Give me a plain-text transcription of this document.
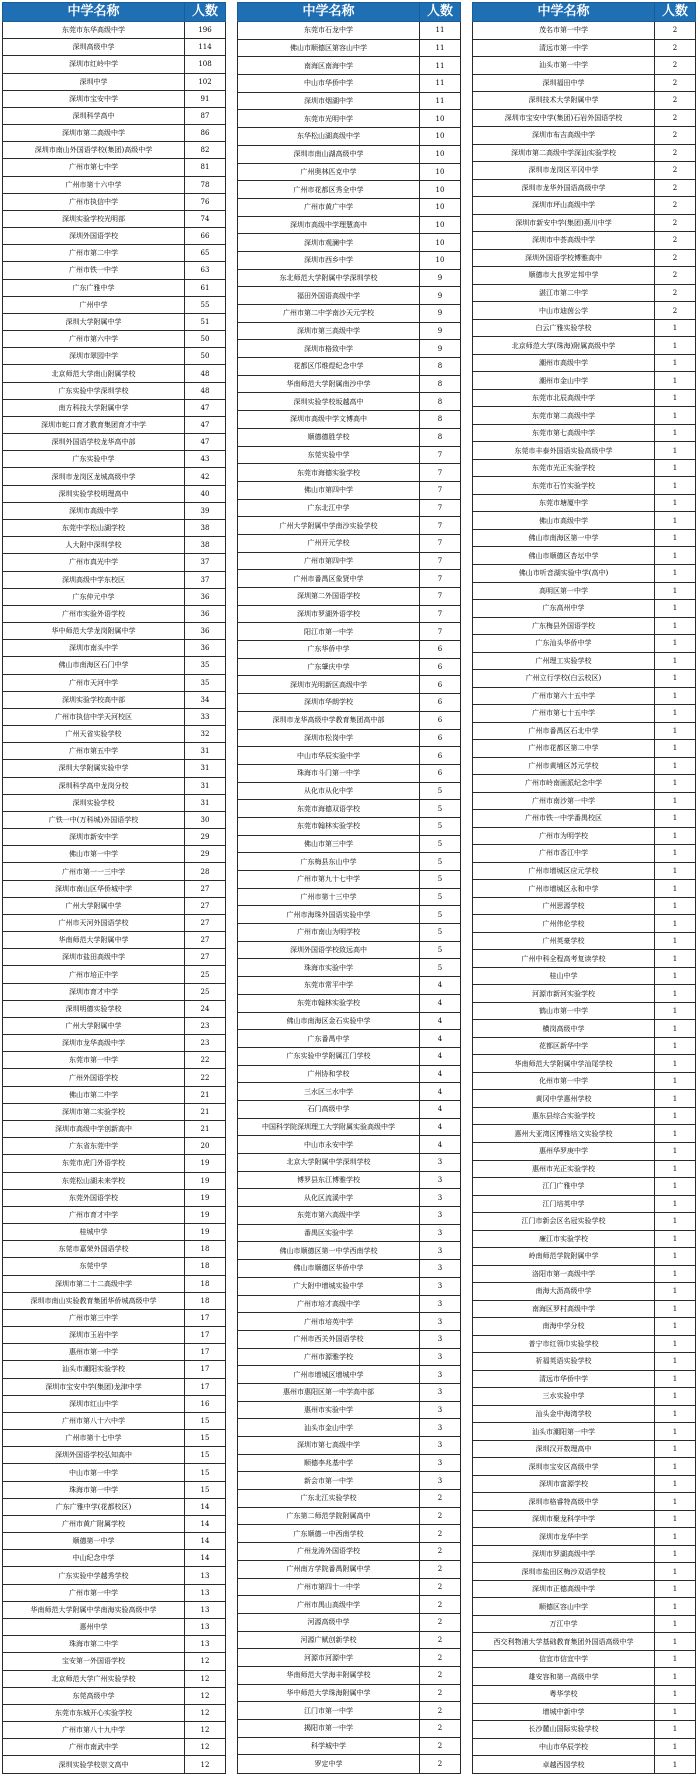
中学名称	人数
东莞市东华高级中学	196
深圳高级中学	114
深圳市红岭中学	108
深圳中学	102
深圳市宝安中学	91
深圳科学高中	87
深圳市第二高级中学	86
深圳市南山外国语学校(集团)高级中学	82
广州市第七中学	81
广州市第十六中学	78
广州市执信中学	76
深圳实验学校光明部	74
深圳外国语学校	66
广州市第二中学	65
广州市铁一中学	63
广东广雅中学	61
广州中学	55
深圳大学附属中学	51
广州市第六中学	50
深圳市翠园中学	50
北京师范大学南山附属学校	48
广东实验中学深圳学校	48
南方科技大学附属中学	47
深圳市蛇口育才教育集团育才中学	47
深圳外国语学校龙华高中部	47
广东实验中学	43
深圳市龙岗区龙城高级中学	42
深圳实验学校明理高中	40
深圳市高级中学	39
东莞中学松山湖学校	38
人大附中深圳学校	38
广州市真光中学	37
深圳高级中学东校区	37
广东仲元中学	36
广州市实验外语学校	36
华中师范大学龙岗附属中学	36
深圳市南头中学	36
佛山市南海区石门中学	35
广州市天河中学	35
深圳实验学校高中部	34
广州市执信中学天河校区	33
广州天省实验学校	32
广州市第五中学	31
深圳大学附属实验中学	31
深圳科学高中龙岗分校	31
深圳实验学校	31
广铁一中(万科城)外国语学校	30
深圳市新安中学	29
佛山市第一中学	29
广州市第一一三中学	28
深圳市南山区华侨城中学	27
广州大学附属中学	27
广州市天河外国语学校	27
华南师范大学附属中学	27
深圳市盐田高级中学	27
广州市培正中学	25
深圳市育才中学	25
深圳明德实验学校	24
广州大学附属中学	23
深圳市龙华高级中学	23
东莞市第一中学	22
广州外国语学校	22
佛山市第二中学	21
深圳市第二实验学校	21
深圳市高级中学创新高中	21
广东省东莞中学	20
东莞市虎门外语学校	19
东莞松山湖未来学校	19
东莞外国语学校	19
广州市育才中学	19
桂城中学	19
东莞市嘉荣外国语学校	18
东莞中学	18
深圳市第二十二高级中学	18
深圳市南山实验教育集团华侨城高级中学	18
广州市第三中学	17
深圳市玉岩中学	17
惠州市第一中学	17
汕头市潮阳实验学校	17
深圳市宝安中学(集团)龙津中学	17
深圳市红山中学	16
广州市第八十六中学	15
广州市第十七中学	15
深圳外国语学校弘知高中	15
中山市第一中学	15
珠海市第一中学	15
广东广雅中学(花都校区)	14
广州市黄广附属学校	14
顺德第一中学	14
中山纪念中学	14
广东实验中学越秀学校	13
广州市第一中学	13
华南师范大学附属中学南海实验高级中学	13
惠州中学	13
珠海市第二中学	13
宝安第一外国语学校	12
北京师范大学广州实验学校	12
东莞高级中学	12
东莞市东城开心实验学校	12
广州市第八十九中学	12
广州市南武中学	12
深圳实验学校崇文高中	12
中学名称	人数
东莞市石龙中学	11
佛山市顺德区第容山中学	11
南海区南海中学	11
中山市华侨中学	11
深圳市烟湖中学	11
东莞市光明中学	10
东华松山湖高级中学	10
深圳市南山湖高级中学	10
广州奥林匹克中学	10
广州市花都区秀全中学	10
广州市黄广中学	10
深圳市高级中学理慧高中	10
深圳市观澜中学	10
深圳市西乡中学	10
东北师范大学附属中学深圳学校	9
福田外国语高级中学	9
广州市第二中学南沙天元学校	9
深圳市第三高级中学	9
深圳市格致中学	9
花都区邝维煜纪念中学	8
华南师范大学附属南沙中学	8
深圳实验学校坂越高中	8
深圳市高级中学文博高中	8
顺德德胜学校	8
东莞实验中学	7
东莞市海德实验学校	7
佛山市第四中学	7
广东北江中学	7
广州大学附属中学南沙实验学校	7
广州开元学校	7
广州市第四中学	7
广州市番禺区象贤中学	7
深圳第二外国语学校	7
深圳市罗湖外语学校	7
阳江市第一中学	7
广东华侨中学	6
广东肇庆中学	6
深圳市光明新区高级中学	6
深圳市华朗学校	6
深圳市龙华高级中学教育集团高中部	6
深圳市松岗中学	6
中山市华辰实验中学	6
珠海市斗门第一中学	6
从化市从化中学	5
东莞市海德双语学校	5
东莞市翰林实验学校	5
佛山市第三中学	5
广东梅县东山中学	5
广州市第九十七中学	5
广州市第十三中学	5
广州市海珠外国语实验中学	5
广州市南山为明学校	5
深圳外国语学校致远高中	5
珠海市实验中学	5
东莞市常平中学	4
东莞市翰林实验学校	4
佛山市南海区金石实验中学	4
广东番禺中学	4
广东实验中学附属江门学校	4
广州协和学校	4
三水区三水中学	4
石门高级中学	4
中国科学院深圳理工大学附属实验高级中学	4
中山市永安中学	4
北京大学附属中学深圳学校	3
博罗县东江博雅学校	3
从化区流溪中学	3
东莞市第六高级中学	3
番禺区实验中学	3
佛山市顺德区第一中学西南学校	3
佛山市顺德区华侨中学	3
广大附中增城实验中学	3
广州市培才高级中学	3
广州市培英中学	3
广州市西关外国语学校	3
广州市源雅学校	3
广州市增城区增城中学	3
惠州市惠阳区第一中学高中部	3
惠州市实验中学	3
汕头市金山中学	3
深圳市第七高级中学	3
顺德李兆基中学	3
新会市第一中学	3
广东北江实验学校	2
广东第二师范学院附属高中	2
广东顺德一中西南学校	2
广州龙涛外国语学校	2
广州南方学院番禺附属中学	2
广州市第四十一中学	2
广州市禺山高级中学	2
河源高级中学	2
河源广赋创新学校	2
河源市河源中学	2
华南师范大学海丰附属学校	2
华中师范大学珠海附属中学	2
江门市第一中学	2
揭阳市第一中学	2
科学城中学	2
罗定中学	2
中学名称	人数
茂名市第一中学	2
清远市第一中学	2
汕头市第一中学	2
深圳福田中学	2
深圳技术大学附属中学	2
深圳市宝安中学(集团)石岩外国语学校	2
深圳市布吉高级中学	2
深圳市第二高级中学深汕实验学校	2
深圳市龙岗区平冈中学	2
深圳市龙华外国语高级中学	2
深圳市坪山高级中学	2
深圳市新安中学(集团)燕川中学	2
深圳市中荟高级中学	2
深圳外国语学校博雅高中	2
顺德市大良罗定邦中学	2
湛江市第二中学	2
中山市迪茵公学	2
白云广雅实验学校	1
北京师范大学(珠海)附属高级中学	1
潮州市高级中学	1
潮州市金山中学	1
东莞市北辰高级中学	1
东莞市第二高级中学	1
东莞市第七高级中学	1
东莞市丰泰外国语实验高级中学	1
东莞市光正实验学校	1
东莞市石竹实验学校	1
东莞市塘厦中学	1
佛山市高级中学	1
佛山市南海区第一中学	1
佛山市顺德区杏坛中学	1
佛山市听音湖实验中学(高中)	1
高明区第一中学	1
广东高州中学	1
广东梅县外国语学校	1
广东汕头华侨中学	1
广州理工实验学校	1
广州立行学校(白云校区)	1
广州市第六十五中学	1
广州市第七十五中学	1
广州市番禺区石北中学	1
广州市花都区第二中学	1
广州市黄埔区苏元学校	1
广州市岭南画派纪念中学	1
广州市南沙第一中学	1
广州市铁一中学番禺校区	1
广州市为明学校	1
广州市香江中学	1
广州市增城区应元学校	1
广州市增城区永和中学	1
广州思源学校	1
广州伟伦学校	1
广州英豪学校	1
广州中科全程高考复读学校	1
桂山中学	1
河源市新河实验学校	1
鹤山市第一中学	1
横岗高级中学	1
花都区新华中学	1
华南师范大学附属中学汕尾学校	1
化州市第一中学	1
黄冈中学惠州学校	1
惠东县综合实验学校	1
惠州大亚湾区博雅培文实验学校	1
惠州华罗庚中学	1
惠州市光正实验学校	1
江门广雅中学	1
江门培英中学	1
江门市新会区名冠实验学校	1
廉江市实验学校	1
岭南师范学院附属中学	1
洛阳市第一高级中学	1
南海大沥高级中学	1
南海区罗村高级中学	1
南海中学分校	1
普宁市红领巾实验学校	1
祈福英语实验学校	1
清远市华侨中学	1
三水实验中学	1
汕头金中海湾学校	1
汕头市潮阳第一中学	1
深圳汉开数理高中	1
深圳市宝安区高级中学	1
深圳市富源学校	1
深圳市格睿特高级中学	1
深圳市聚龙科学中学	1
深圳市龙华中学	1
深圳市罗湖高级中学	1
深圳市盐田区梅沙双语学校	1
深圳市正德高级中学	1
顺德区容山中学	1
万江中学	1
西交利物浦大学基础教育集团外国语高级中学	1
信宜市信宜中学	1
雄安容和第一高级中学	1
粤华学校	1
增城中新中学	1
长沙麓山国际实验学校	1
中山市华辰学校	1
卓越西园学校	1
